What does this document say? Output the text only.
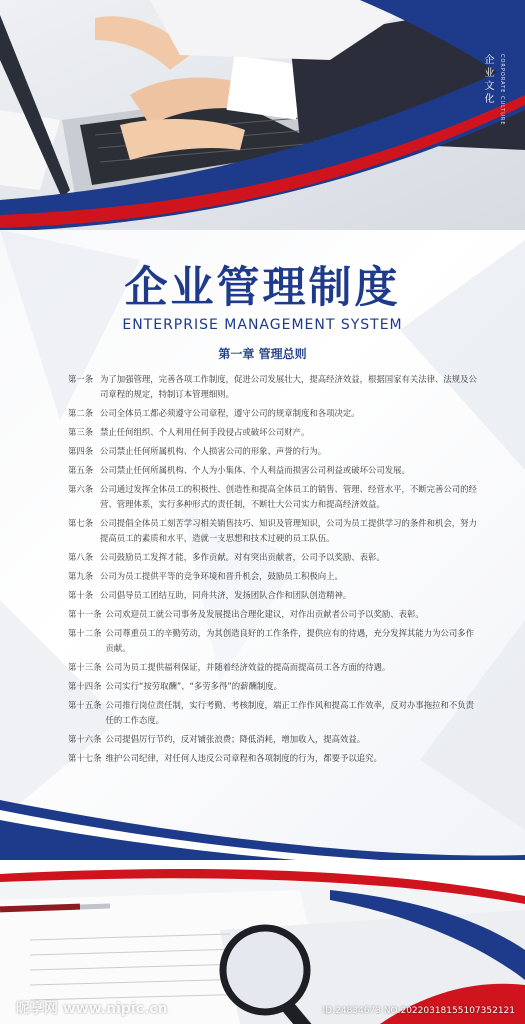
企业文化	CORPORATE CULTURE
企业管理制度

ENTERPRISE MANAGEMENT SYSTEM

第一章 管理总则

第一条 为了加强管理，完善各项工作制度，促进公司发展壮大，提高经济效益，根据国家有关法律、法规及公司章程的规定，特制订本管理细则。
第二条 公司全体员工都必须遵守公司章程，遵守公司的规章制度和各项决定。
第三条 禁止任何组织、个人利用任何手段侵占或破坏公司财产。
第四条 公司禁止任何所属机构、个人损害公司的形象、声誉的行为。
第五条 公司禁止任何所属机构、个人为小集体、个人利益而损害公司利益或破坏公司发展。
第六条 公司通过发挥全体员工的积极性、创造性和提高全体员工的销售、管理、经营水平，不断完善公司的经营、管理体系，实行多种形式的责任制，不断壮大公司实力和提高经济效益。
第七条 公司提倡全体员工刻苦学习相关销售技巧、知识及管理知识，公司为员工提供学习的条件和机会，努力提高员工的素质和水平，造就一支思想和技术过硬的员工队伍。
第八条 公司鼓励员工发挥才能，多作贡献。对有突出贡献者，公司予以奖励、表彰。
第九条 公司为员工提供平等的竞争环境和晋升机会，鼓励员工积极向上。
第十条 公司倡导员工团结互助，同舟共济，发扬团队合作和团队创造精神。
第十一条 公司欢迎员工就公司事务及发展提出合理化建议，对作出贡献者公司予以奖励、表彰。
第十二条 公司尊重员工的辛勤劳动，为其创造良好的工作条件，提供应有的待遇，充分发挥其能力为公司多作贡献。
第十三条 公司为员工提供福利保证，并随着经济效益的提高而提高员工各方面的待遇。
第十四条 公司实行“按劳取酬”、“多劳多得”的薪酬制度。
第十五条 公司推行岗位责任制，实行考勤、考核制度，端正工作作风和提高工作效率，反对办事拖拉和不负责任的工作态度。
第十六条 公司提倡厉行节约，反对铺张浪费；降低消耗，增加收入，提高效益。
第十七条 维护公司纪律，对任何人违反公司章程和各项制度的行为，都要予以追究。
昵享网 www.nipic.cn	ID:24834673 NO:20220318155107352121
